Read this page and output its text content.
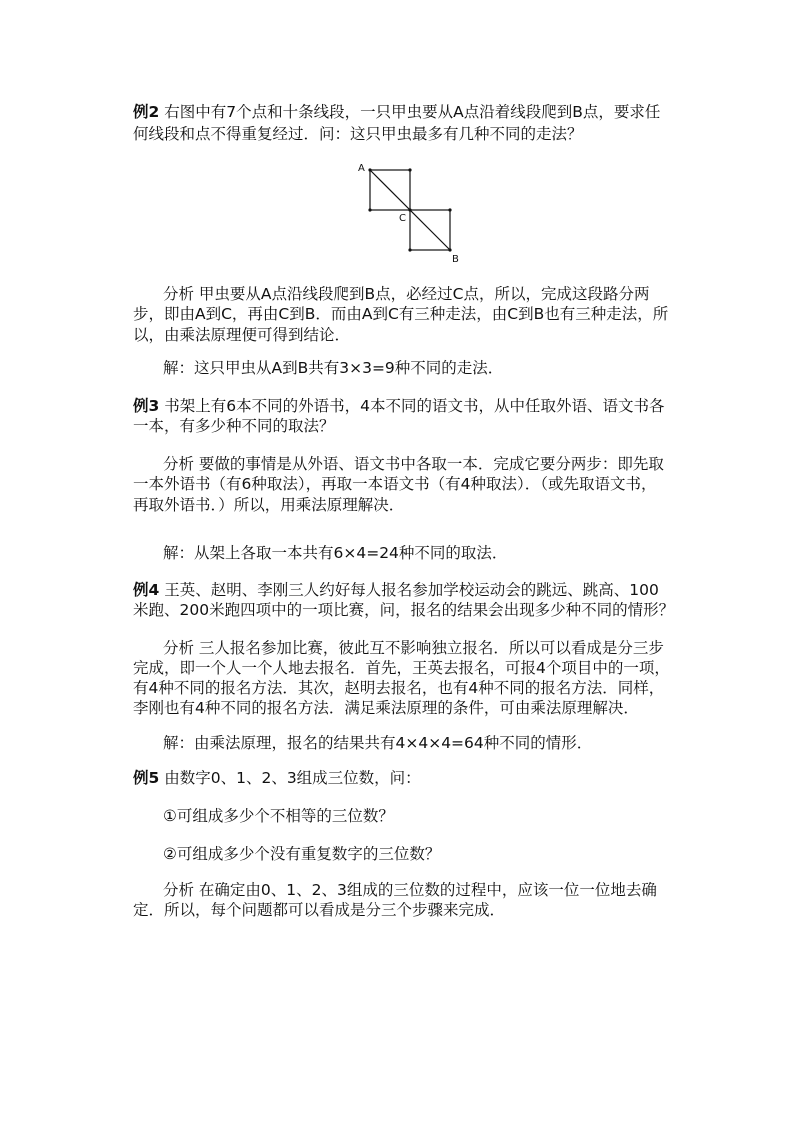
例2 右图中有7个点和十条线段，一只甲虫要从A点沿着线段爬到B点，要求任
何线段和点不得重复经过．问：这只甲虫最多有几种不同的走法？
A
C
B
分析 甲虫要从A点沿线段爬到B点，必经过C点，所以，完成这段路分两
步，即由A到C，再由C到B．而由A到C有三种走法，由C到B也有三种走法，所
以，由乘法原理便可得到结论．
解：这只甲虫从A到B共有3×3=9种不同的走法．
例3 书架上有6本不同的外语书，4本不同的语文书，从中任取外语、语文书各
一本，有多少种不同的取法？
分析 要做的事情是从外语、语文书中各取一本．完成它要分两步：即先取
一本外语书（有6种取法），再取一本语文书（有4种取法）．（或先取语文书，
再取外语书．）所以，用乘法原理解决．
解：从架上各取一本共有6×4=24种不同的取法．
例4 王英、赵明、李刚三人约好每人报名参加学校运动会的跳远、跳高、100
米跑、200米跑四项中的一项比赛，问，报名的结果会出现多少种不同的情形？
分析 三人报名参加比赛，彼此互不影响独立报名．所以可以看成是分三步
完成，即一个人一个人地去报名．首先，王英去报名，可报4个项目中的一项，
有4种不同的报名方法．其次，赵明去报名，也有4种不同的报名方法．同样，
李刚也有4种不同的报名方法．满足乘法原理的条件，可由乘法原理解决．
解：由乘法原理，报名的结果共有4×4×4=64种不同的情形．
例5 由数字0、1、2、3组成三位数，问：
①可组成多少个不相等的三位数？
②可组成多少个没有重复数字的三位数？
分析 在确定由0、1、2、3组成的三位数的过程中，应该一位一位地去确
定．所以，每个问题都可以看成是分三个步骤来完成．
